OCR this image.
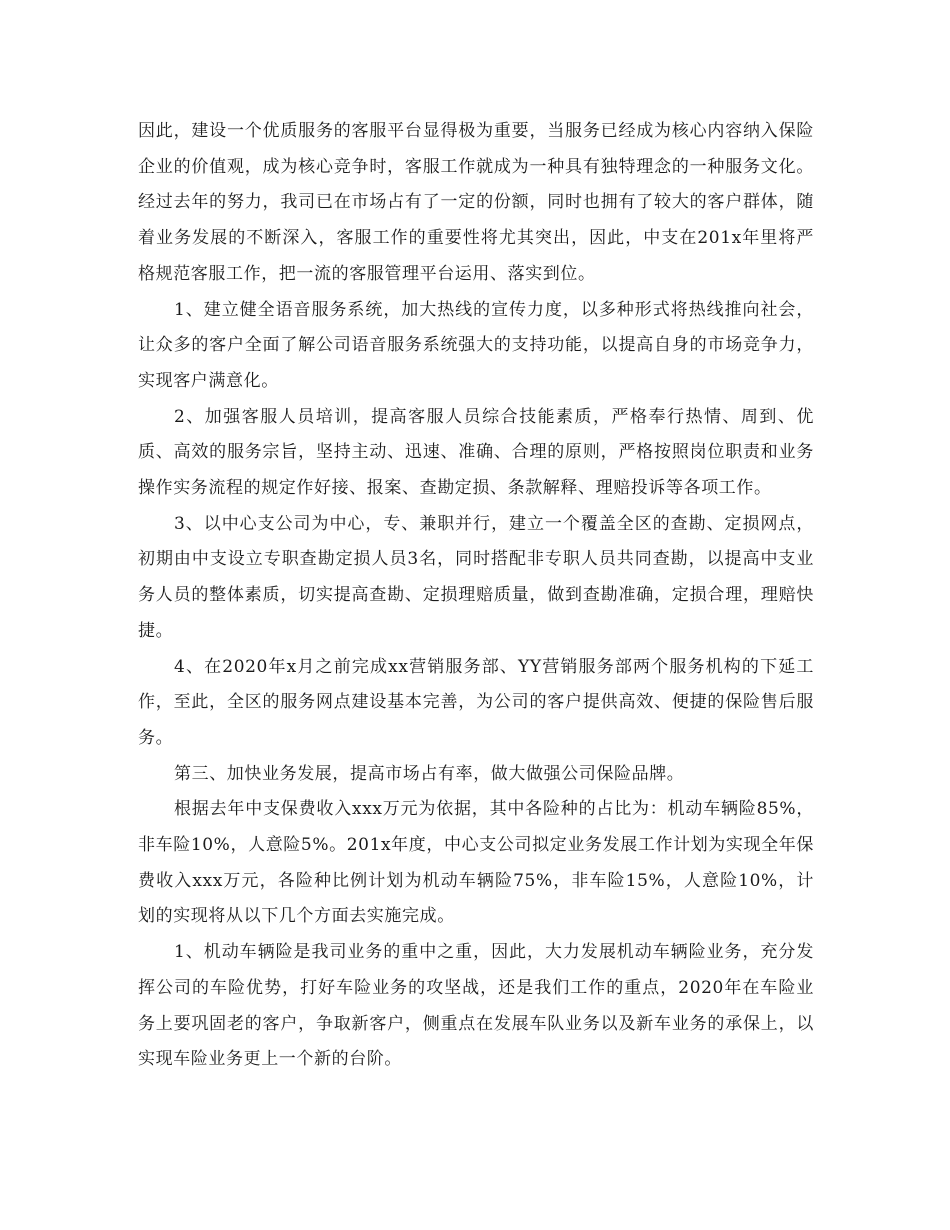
因此，建设一个优质服务的客服平台显得极为重要，当服务已经成为核心内容纳入保险企业的价值观，成为核心竞争时，客服工作就成为一种具有独特理念的一种服务文化。经过去年的努力，我司已在市场占有了一定的份额，同时也拥有了较大的客户群体，随着业务发展的不断深入，客服工作的重要性将尤其突出，因此，中支在201x年里将严格规范客服工作，把一流的客服管理平台运用、落实到位。

1、建立健全语音服务系统，加大热线的宣传力度，以多种形式将热线推向社会，让众多的客户全面了解公司语音服务系统强大的支持功能，以提高自身的市场竞争力，实现客户满意化。

2、加强客服人员培训，提高客服人员综合技能素质，严格奉行热情、周到、优质、高效的服务宗旨，坚持主动、迅速、准确、合理的原则，严格按照岗位职责和业务操作实务流程的规定作好接、报案、查勘定损、条款解释、理赔投诉等各项工作。

3、以中心支公司为中心，专、兼职并行，建立一个覆盖全区的查勘、定损网点，初期由中支设立专职查勘定损人员3名，同时搭配非专职人员共同查勘，以提高中支业务人员的整体素质，切实提高查勘、定损理赔质量，做到查勘准确，定损合理，理赔快捷。

4、在2020年x月之前完成xx营销服务部、YY营销服务部两个服务机构的下延工作，至此，全区的服务网点建设基本完善，为公司的客户提供高效、便捷的保险售后服务。

第三、加快业务发展，提高市场占有率，做大做强公司保险品牌。

根据去年中支保费收入xxx万元为依据，其中各险种的占比为：机动车辆险85%，非车险10%，人意险5%。201x年度，中心支公司拟定业务发展工作计划为实现全年保费收入xxx万元，各险种比例计划为机动车辆险75%，非车险15%，人意险10%，计划的实现将从以下几个方面去实施完成。

1、机动车辆险是我司业务的重中之重，因此，大力发展机动车辆险业务，充分发挥公司的车险优势，打好车险业务的攻坚战，还是我们工作的重点，2020年在车险业务上要巩固老的客户，争取新客户，侧重点在发展车队业务以及新车业务的承保上，以实现车险业务更上一个新的台阶。
